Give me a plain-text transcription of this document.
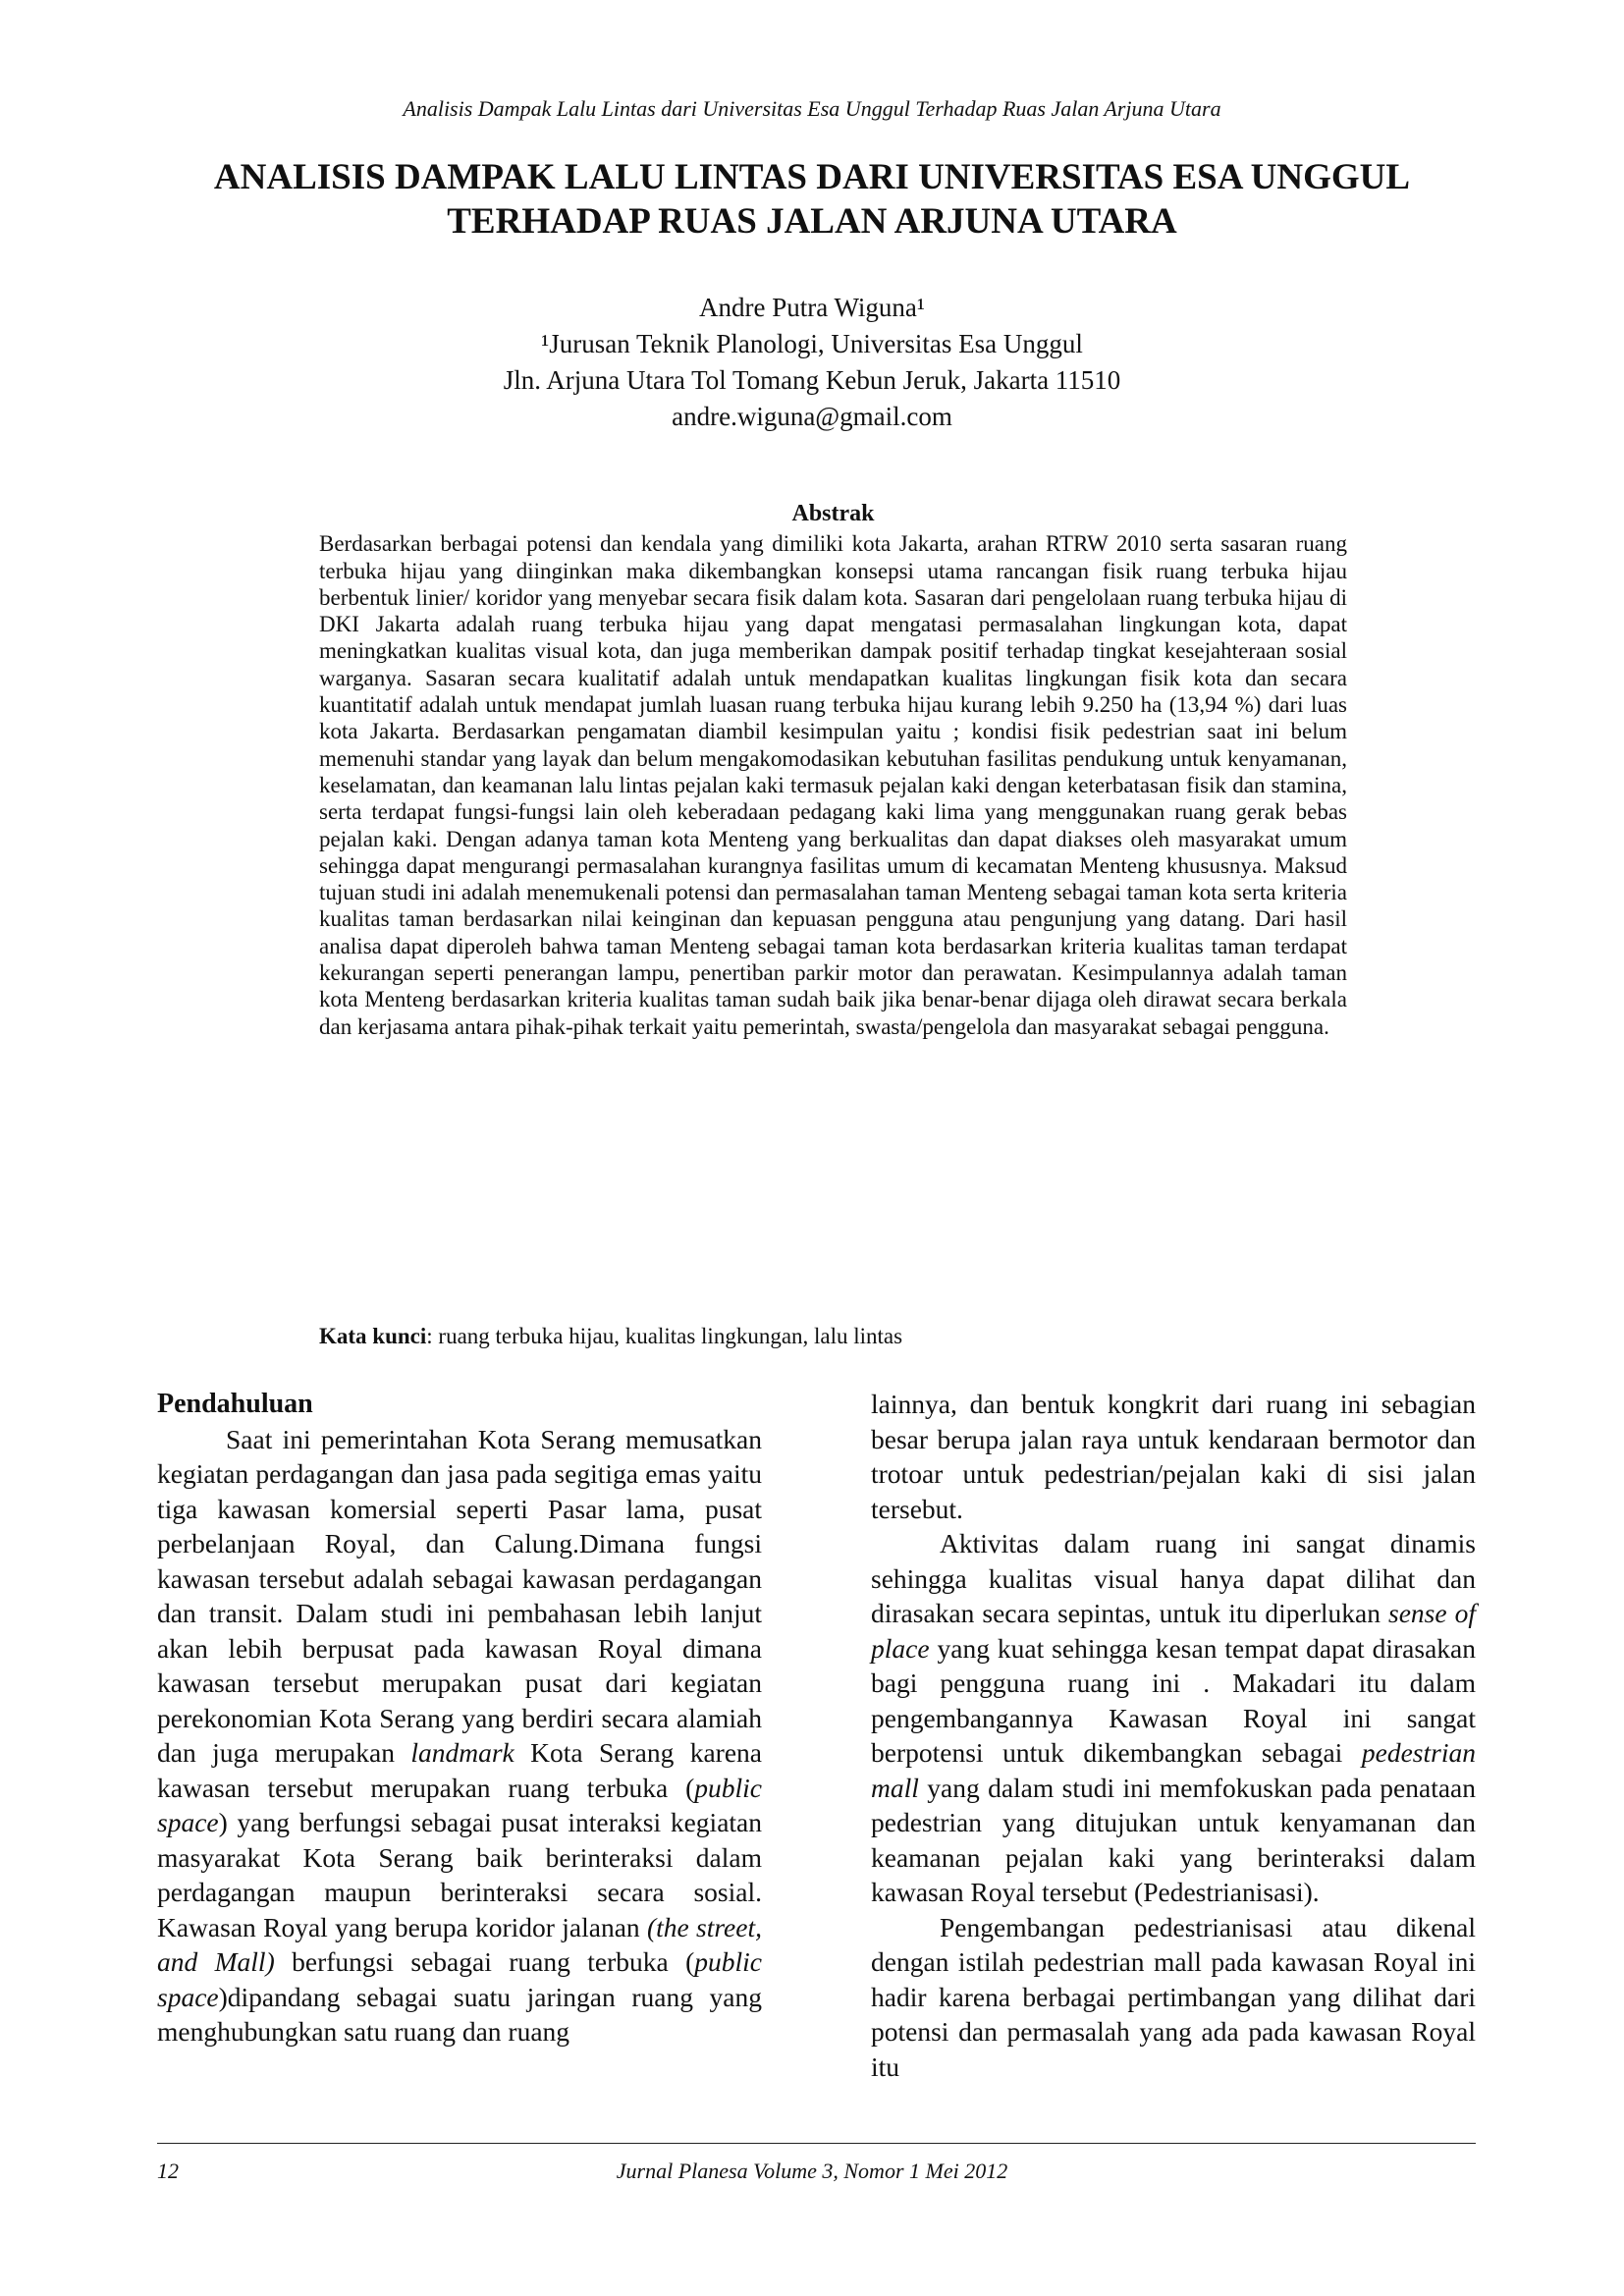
Analisis Dampak Lalu Lintas dari Universitas Esa Unggul Terhadap Ruas Jalan Arjuna Utara
ANALISIS DAMPAK LALU LINTAS DARI UNIVERSITAS ESA UNGGUL
TERHADAP RUAS JALAN ARJUNA UTARA
Andre Putra Wiguna¹
¹Jurusan Teknik Planologi, Universitas Esa Unggul
Jln. Arjuna Utara Tol Tomang Kebun Jeruk, Jakarta 11510
andre.wiguna@gmail.com
Abstrak

Berdasarkan berbagai potensi dan kendala yang dimiliki kota Jakarta, arahan RTRW 2010 serta sasaran ruang terbuka hijau yang diinginkan maka dikembangkan konsepsi utama rancangan fisik ruang terbuka hijau berbentuk linier/ koridor yang menyebar secara fisik dalam kota. Sasaran dari pengelolaan ruang terbuka hijau di DKI Jakarta adalah ruang terbuka hijau yang dapat mengatasi permasalahan lingkungan kota, dapat meningkatkan kualitas visual kota, dan juga memberikan dampak positif terhadap tingkat kesejahteraan sosial warganya. Sasaran secara kualitatif adalah untuk mendapatkan kualitas lingkungan fisik kota dan secara kuantitatif adalah untuk mendapat jumlah luasan ruang terbuka hijau kurang lebih 9.250 ha (13,94 %) dari luas kota Jakarta. Berdasarkan pengamatan diambil kesimpulan yaitu ; kondisi fisik pedestrian saat ini belum memenuhi standar yang layak dan belum mengakomodasikan kebutuhan fasilitas pendukung untuk kenyamanan, keselamatan, dan keamanan lalu lintas pejalan kaki termasuk pejalan kaki dengan keterbatasan fisik dan stamina, serta terdapat fungsi-fungsi lain oleh keberadaan pedagang kaki lima yang menggunakan ruang gerak bebas pejalan kaki. Dengan adanya taman kota Menteng yang berkualitas dan dapat diakses oleh masyarakat umum sehingga dapat mengurangi permasalahan kurangnya fasilitas umum di kecamatan Menteng khususnya. Maksud tujuan studi ini adalah menemukenali potensi dan permasalahan taman Menteng sebagai taman kota serta kriteria kualitas taman berdasarkan nilai keinginan dan kepuasan pengguna atau pengunjung yang datang. Dari hasil analisa dapat diperoleh bahwa taman Menteng sebagai taman kota berdasarkan kriteria kualitas taman terdapat kekurangan seperti penerangan lampu, penertiban parkir motor dan perawatan. Kesimpulannya adalah taman kota Menteng berdasarkan kriteria kualitas taman sudah baik jika benar-benar dijaga oleh dirawat secara berkala dan kerjasama antara pihak-pihak terkait yaitu pemerintah, swasta/pengelola dan masyarakat sebagai pengguna.

Kata kunci: ruang terbuka hijau, kualitas lingkungan, lalu lintas

Pendahuluan

Saat ini pemerintahan Kota Serang memusatkan kegiatan perdagangan dan jasa pada segitiga emas yaitu tiga kawasan komersial seperti Pasar lama, pusat perbelanjaan Royal, dan Calung.Dimana fungsi kawasan tersebut adalah sebagai kawasan perdagangan dan transit. Dalam studi ini pembahasan lebih lanjut akan lebih berpusat pada kawasan Royal dimana kawasan tersebut merupakan pusat dari kegiatan perekonomian Kota Serang yang berdiri secara alamiah dan juga merupakan landmark Kota Serang karena kawasan tersebut merupakan ruang terbuka (public space) yang berfungsi sebagai pusat interaksi kegiatan masyarakat Kota Serang baik berinteraksi dalam perdagangan maupun berinteraksi secara sosial. Kawasan Royal yang berupa koridor jalanan (the street, and Mall) berfungsi sebagai ruang terbuka (public space)dipandang sebagai suatu jaringan ruang yang menghubungkan satu ruang dan ruang

lainnya, dan bentuk kongkrit dari ruang ini sebagian besar berupa jalan raya untuk kendaraan bermotor dan trotoar untuk pedestrian/pejalan kaki di sisi jalan tersebut.

Aktivitas dalam ruang ini sangat dinamis sehingga kualitas visual hanya dapat dilihat dan dirasakan secara sepintas, untuk itu diperlukan sense of place yang kuat sehingga kesan tempat dapat dirasakan bagi pengguna ruang ini . Makadari itu dalam pengembangannya Kawasan Royal ini sangat berpotensi untuk dikembangkan sebagai pedestrian mall yang dalam studi ini memfokuskan pada penataan pedestrian yang ditujukan untuk kenyamanan dan keamanan pejalan kaki yang berinteraksi dalam kawasan Royal tersebut (Pedestrianisasi).

Pengembangan pedestrianisasi atau dikenal dengan istilah pedestrian mall pada kawasan Royal ini hadir karena berbagai pertimbangan yang dilihat dari potensi dan permasalah yang ada pada kawasan Royal itu

12	Jurnal Planesa Volume 3, Nomor 1 Mei 2012
